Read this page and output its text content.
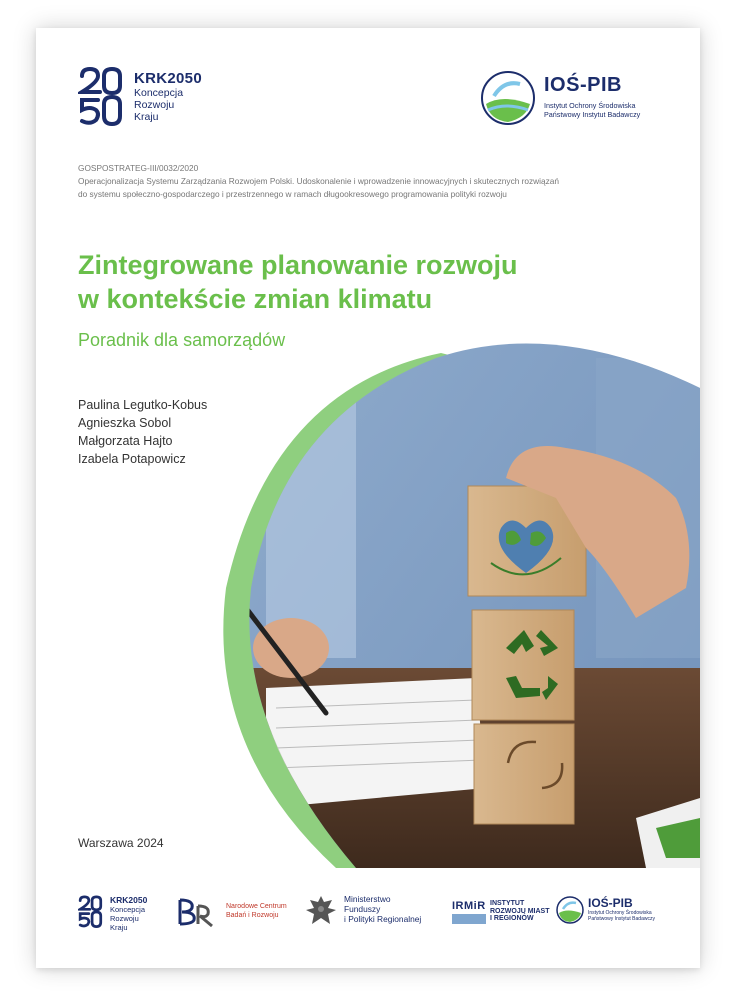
KRK2050
Koncepcja
Rozwoju
Kraju
IOŚ-PIB
Instytut Ochrony Środowiska
Państwowy Instytut Badawczy
GOSPOSTRATEG-III/0032/2020
Operacjonalizacja Systemu Zarządzania Rozwojem Polski. Udoskonalenie i wprowadzenie innowacyjnych i skutecznych rozwiązań
do systemu społeczno-gospodarczego i przestrzennego w ramach długookresowego programowania polityki rozwoju
Zintegrowane planowanie rozwoju
w kontekście zmian klimatu
Poradnik dla samorządów
Paulina Legutko-Kobus
Agnieszka Sobol
Małgorzata Hajto
Izabela Potapowicz
Warszawa 2024
KRK2050
Koncepcja
Rozwoju
Kraju
Narodowe Centrum
Badań i Rozwoju
Ministerstwo
Funduszy
i Polityki Regionalnej
IRMiR INSTYTUT
ROZWOJU MIAST
I REGIONÓW
IOŚ-PIB
Instytut Ochrony Środowiska
Państwowy Instytut Badawczy
